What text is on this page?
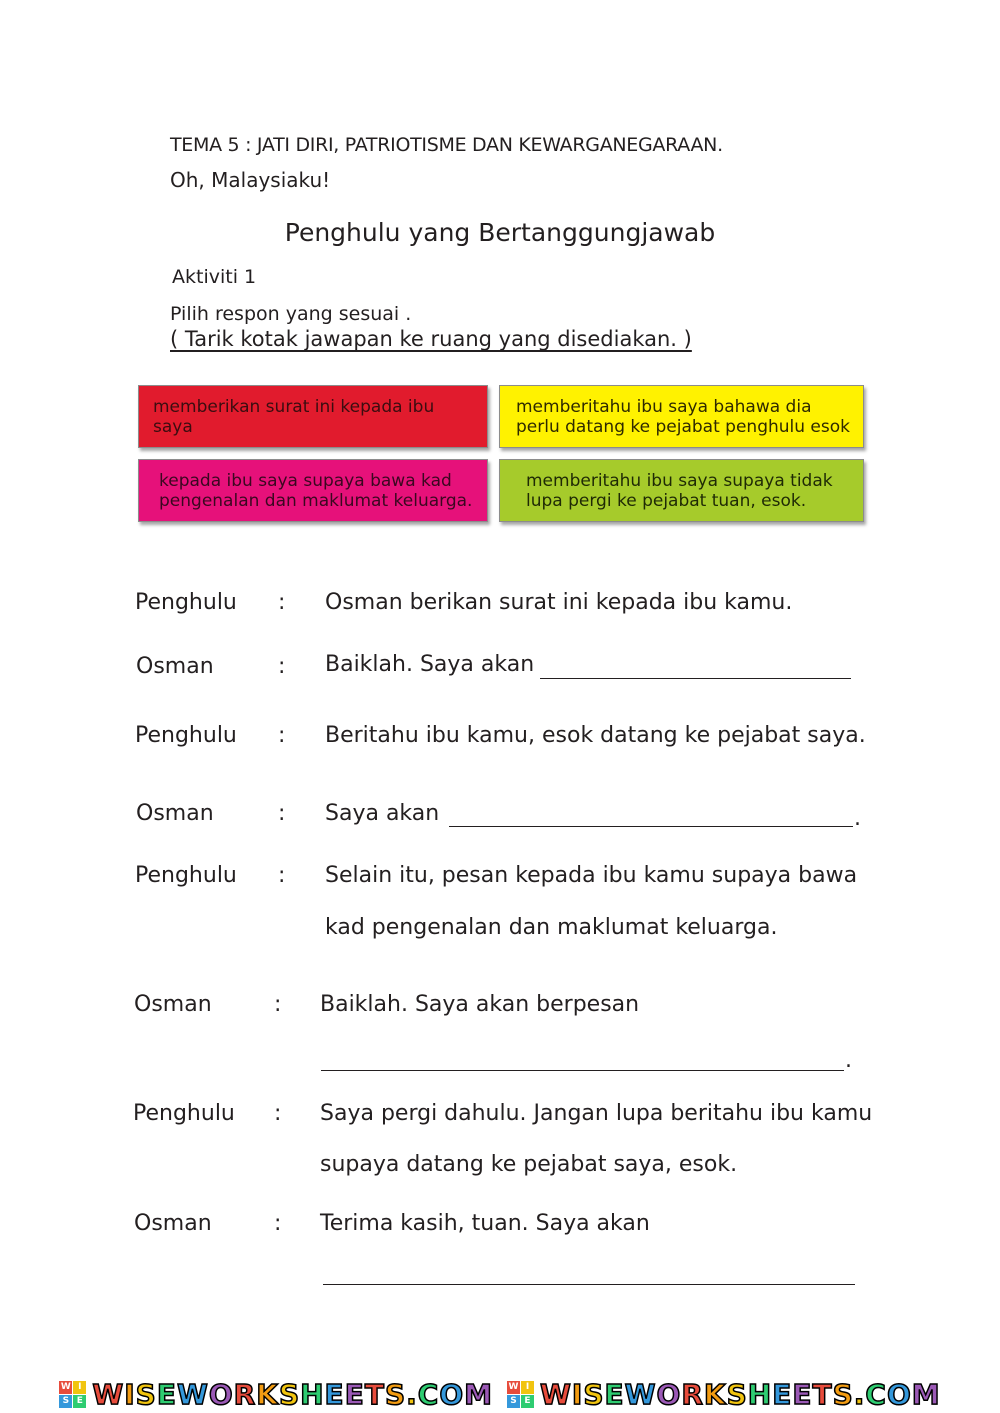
TEMA 5 : JATI DIRI, PATRIOTISME DAN KEWARGANEGARAAN.
Oh, Malaysiaku!
Penghulu yang Bertanggungjawab
Aktiviti 1
Pilih respon yang sesuai .
( Tarik kotak jawapan ke ruang yang disediakan. )
memberikan surat ini kepada ibu saya
memberitahu ibu saya bahawa dia perlu datang ke pejabat penghulu esok
kepada ibu saya supaya bawa kad pengenalan dan maklumat keluarga.
memberitahu ibu saya supaya tidak lupa pergi ke pejabat tuan, esok.
Penghulu : Osman berikan surat ini kepada ibu kamu.
Osman	: Baiklah. Saya akan
Penghulu : Beritahu ibu kamu, esok datang ke pejabat saya.
Osman	: Saya akan	.
Penghulu : Selain itu, pesan kepada ibu kamu supaya bawa
kad pengenalan dan maklumat keluarga.
Osman	: Baiklah. Saya akan berpesan
.
Penghulu : Saya pergi dahulu. Jangan lupa beritahu ibu kamu
supaya datang ke pejabat saya, esok.
Osman	: Terima kasih, tuan. Saya akan
W I
S E WISEWORKSHEETS.COM W I
S E WISEWORKSHEETS.COM
